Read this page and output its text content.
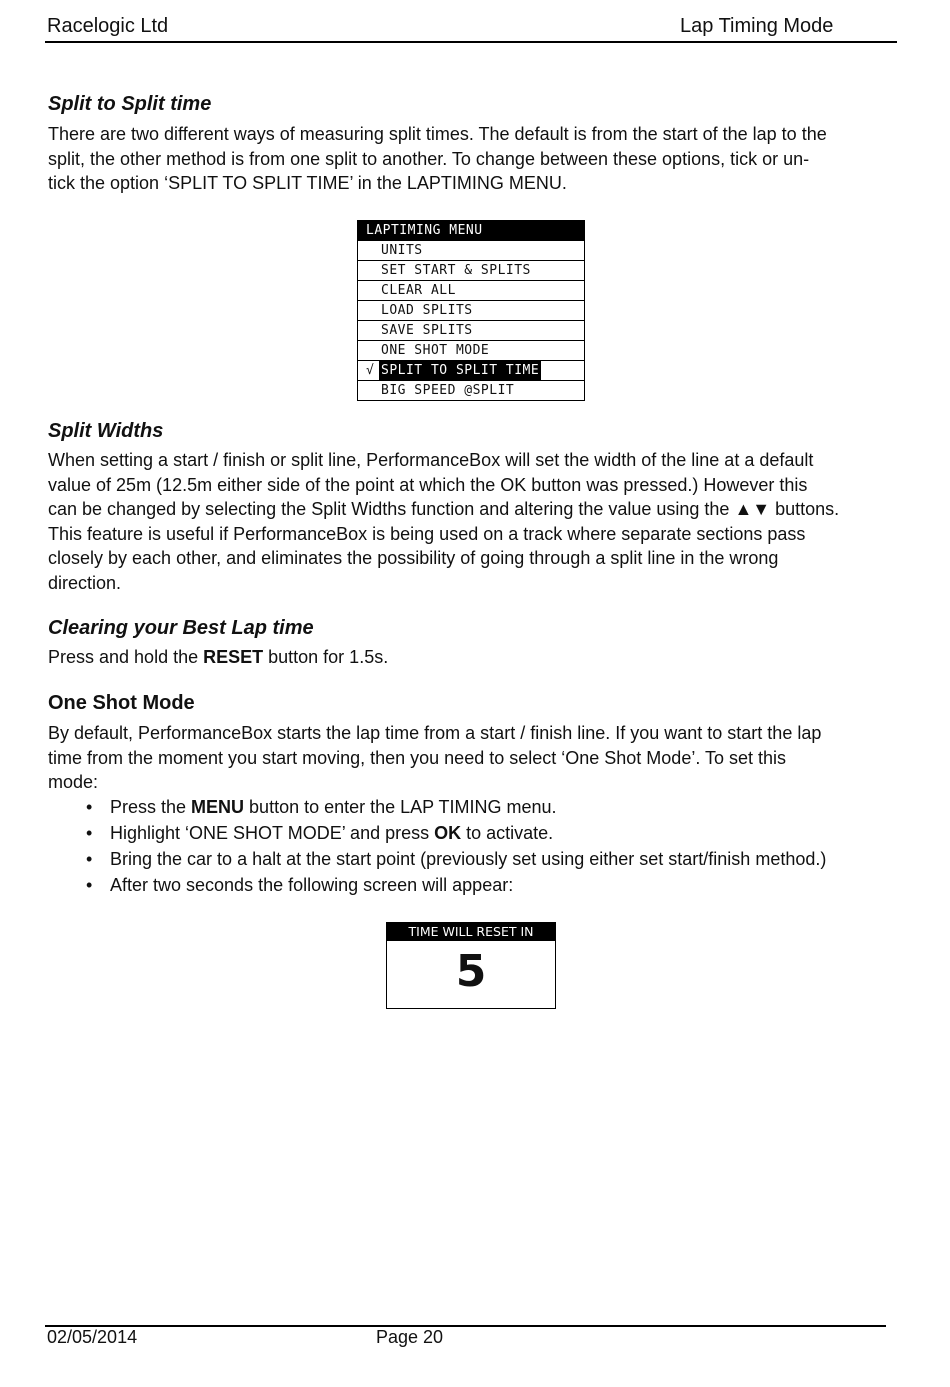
Racelogic Ltd	Lap Timing Mode
Split to Split time
There are two different ways of measuring split times. The default is from the start of the lap to the
split, the other method is from one split to another. To change between these options, tick or un-
tick the option ‘SPLIT TO SPLIT TIME’ in the LAPTIMING MENU.
LAPTIMING MENU
UNITS
SET START & SPLITS
CLEAR ALL
LOAD SPLITS
SAVE SPLITS
ONE SHOT MODE
√ SPLIT TO SPLIT TIME
BIG SPEED @SPLIT
Split Widths
When setting a start / finish or split line, PerformanceBox will set the width of the line at a default
value of 25m (12.5m either side of the point at which the OK button was pressed.) However this
can be changed by selecting the Split Widths function and altering the value using the ▲▼ buttons.
This feature is useful if PerformanceBox is being used on a track where separate sections pass
closely by each other, and eliminates the possibility of going through a split line in the wrong
direction.
Clearing your Best Lap time
Press and hold the RESET button for 1.5s.
One Shot Mode
By default, PerformanceBox starts the lap time from a start / finish line. If you want to start the lap
time from the moment you start moving, then you need to select ‘One Shot Mode’. To set this
mode:
• Press the MENU button to enter the LAP TIMING menu.
• Highlight ‘ONE SHOT MODE’ and press OK to activate.
• Bring the car to a halt at the start point (previously set using either set start/finish method.)
• After two seconds the following screen will appear:
TIME WILL RESET IN
5
02/05/2014	Page 20
